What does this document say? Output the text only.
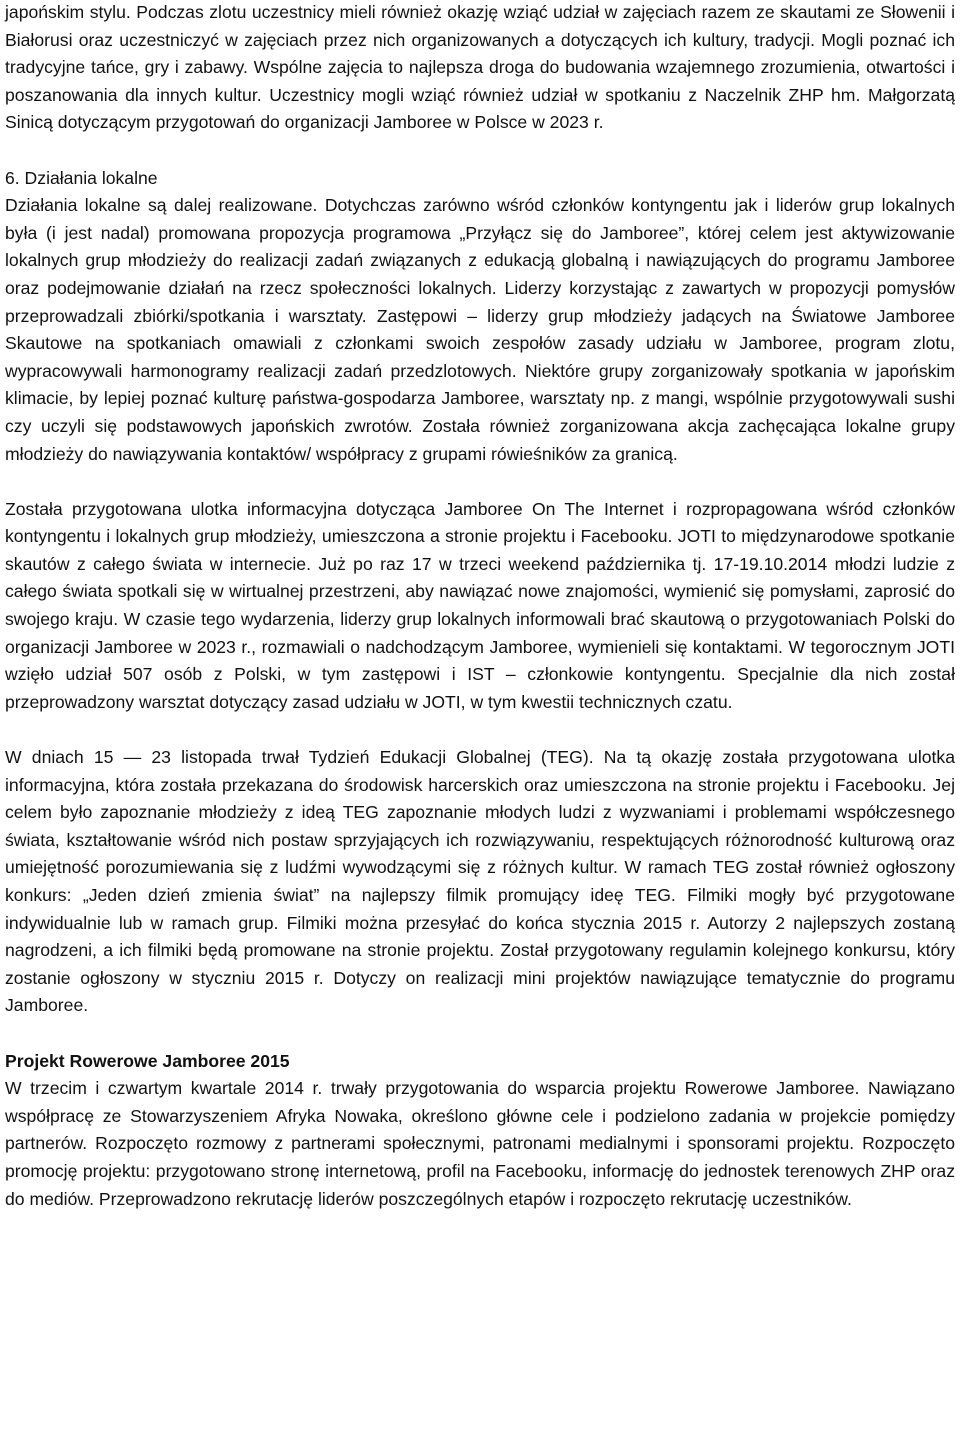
japońskim stylu. Podczas zlotu uczestnicy mieli również okazję wziąć udział w zajęciach razem ze skautami ze Słowenii i Białorusi oraz uczestniczyć w zajęciach przez nich organizowanych a dotyczących ich kultury, tradycji. Mogli poznać ich tradycyjne tańce, gry i zabawy. Wspólne zajęcia to najlepsza droga do budowania wzajemnego zrozumienia, otwartości i poszanowania dla innych kultur. Uczestnicy mogli wziąć również udział w spotkaniu z Naczelnik ZHP hm. Małgorzatą Sinicą dotyczącym przygotowań do organizacji Jamboree w Polsce w 2023 r.

6. Działania lokalne

Działania lokalne są dalej realizowane. Dotychczas zarówno wśród członków kontyngentu jak i liderów grup lokalnych była (i jest nadal) promowana propozycja programowa „Przyłącz się do Jamboree”, której celem jest aktywizowanie lokalnych grup młodzieży do realizacji zadań związanych z edukacją globalną i nawiązujących do programu Jamboree oraz podejmowanie działań na rzecz społeczności lokalnych. Liderzy korzystając z zawartych w propozycji pomysłów przeprowadzali zbiórki/spotkania i warsztaty. Zastępowi – liderzy grup młodzieży jadących na Światowe Jamboree Skautowe na spotkaniach omawiali z członkami swoich zespołów zasady udziału w Jamboree, program zlotu, wypracowywali harmonogramy realizacji zadań przedzlotowych. Niektóre grupy zorganizowały spotkania w japońskim klimacie, by lepiej poznać kulturę państwa-gospodarza Jamboree, warsztaty np. z mangi, wspólnie przygotowywali sushi czy uczyli się podstawowych japońskich zwrotów. Została również zorganizowana akcja zachęcająca lokalne grupy młodzieży do nawiązywania kontaktów/ współpracy z grupami rówieśników za granicą.

Została przygotowana ulotka informacyjna dotycząca Jamboree On The Internet i rozpropagowana wśród członków kontyngentu i lokalnych grup młodzieży, umieszczona a stronie projektu i Facebooku. JOTI to międzynarodowe spotkanie skautów z całego świata w internecie. Już po raz 17 w trzeci weekend października tj. 17-19.10.2014 młodzi ludzie z całego świata spotkali się w wirtualnej przestrzeni, aby nawiązać nowe znajomości, wymienić się pomysłami, zaprosić do swojego kraju. W czasie tego wydarzenia, liderzy grup lokalnych informowali brać skautową o przygotowaniach Polski do organizacji Jamboree w 2023 r., rozmawiali o nadchodzącym Jamboree, wymienieli się kontaktami. W tegorocznym JOTI wzięło udział 507 osób z Polski, w tym zastępowi i IST – członkowie kontyngentu. Specjalnie dla nich został przeprowadzony warsztat dotyczący zasad udziału w JOTI, w tym kwestii technicznych czatu.

W dniach 15 — 23 listopada trwał Tydzień Edukacji Globalnej (TEG). Na tą okazję została przygotowana ulotka informacyjna, która została przekazana do środowisk harcerskich oraz umieszczona na stronie projektu i Facebooku. Jej celem było zapoznanie młodzieży z ideą TEG zapoznanie młodych ludzi z wyzwaniami i problemami współczesnego świata, kształtowanie wśród nich postaw sprzyjających ich rozwiązywaniu, respektujących różnorodność kulturową oraz umiejętność porozumiewania się z ludźmi wywodzącymi się z różnych kultur. W ramach TEG został również ogłoszony konkurs: „Jeden dzień zmienia świat” na najlepszy filmik promujący ideę TEG. Filmiki mogły być przygotowane indywidualnie lub w ramach grup. Filmiki można przesyłać do końca stycznia 2015 r. Autorzy 2 najlepszych zostaną nagrodzeni, a ich filmiki będą promowane na stronie projektu. Został przygotowany regulamin kolejnego konkursu, który zostanie ogłoszony w styczniu 2015 r. Dotyczy on realizacji mini projektów nawiązujące tematycznie do programu Jamboree.

Projekt Rowerowe Jamboree 2015

W trzecim i czwartym kwartale 2014 r. trwały przygotowania do wsparcia projektu Rowerowe Jamboree. Nawiązano współpracę ze Stowarzyszeniem Afryka Nowaka, określono główne cele i podzielono zadania w projekcie pomiędzy partnerów. Rozpoczęto rozmowy z partnerami społecznymi, patronami medialnymi i sponsorami projektu. Rozpoczęto promocję projektu: przygotowano stronę internetową, profil na Facebooku, informację do jednostek terenowych ZHP oraz do mediów. Przeprowadzono rekrutację liderów poszczególnych etapów i rozpoczęto rekrutację uczestników.
